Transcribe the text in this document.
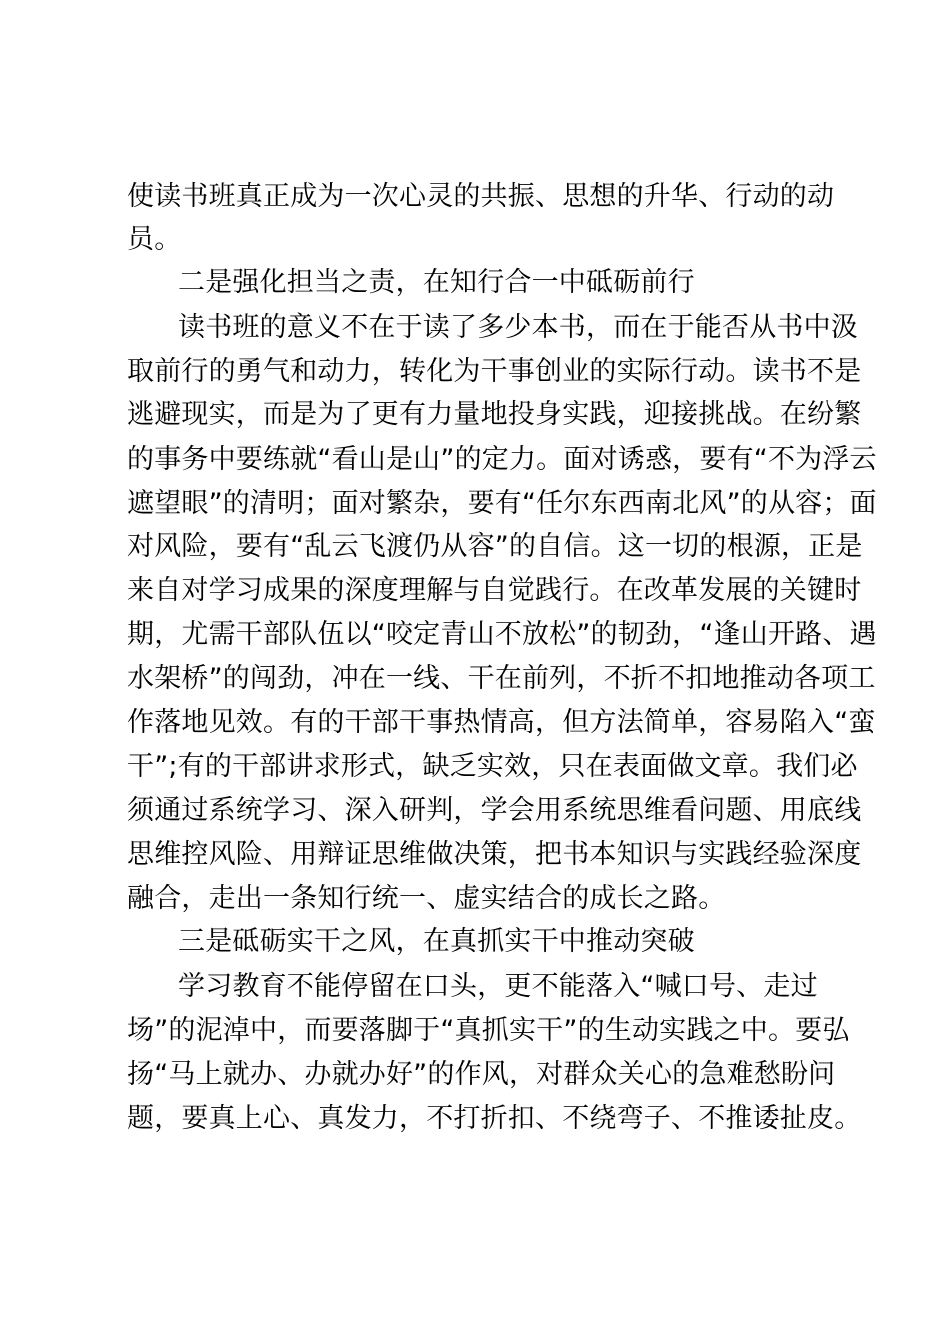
使读书班真正成为一次心灵的共振、思想的升华、行动的动
员。
二是强化担当之责，在知行合一中砥砺前行
读书班的意义不在于读了多少本书，而在于能否从书中汲
取前行的勇气和动力，转化为干事创业的实际行动。读书不是
逃避现实，而是为了更有力量地投身实践，迎接挑战。在纷繁
的事务中要练就“看山是山”的定力。面对诱惑，要有“不为浮云
遮望眼”的清明；面对繁杂，要有“任尔东西南北风”的从容；面
对风险，要有“乱云飞渡仍从容”的自信。这一切的根源，正是
来自对学习成果的深度理解与自觉践行。在改革发展的关键时
期，尤需干部队伍以“咬定青山不放松”的韧劲，“逢山开路、遇
水架桥”的闯劲，冲在一线、干在前列，不折不扣地推动各项工
作落地见效。有的干部干事热情高，但方法简单，容易陷入“蛮
干”;有的干部讲求形式，缺乏实效，只在表面做文章。我们必
须通过系统学习、深入研判，学会用系统思维看问题、用底线
思维控风险、用辩证思维做决策，把书本知识与实践经验深度
融合，走出一条知行统一、虚实结合的成长之路。
三是砥砺实干之风，在真抓实干中推动突破
学习教育不能停留在口头，更不能落入“喊口号、走过
场”的泥淖中，而要落脚于“真抓实干”的生动实践之中。要弘
扬“马上就办、办就办好”的作风，对群众关心的急难愁盼问
题，要真上心、真发力，不打折扣、不绕弯子、不推诿扯皮。
